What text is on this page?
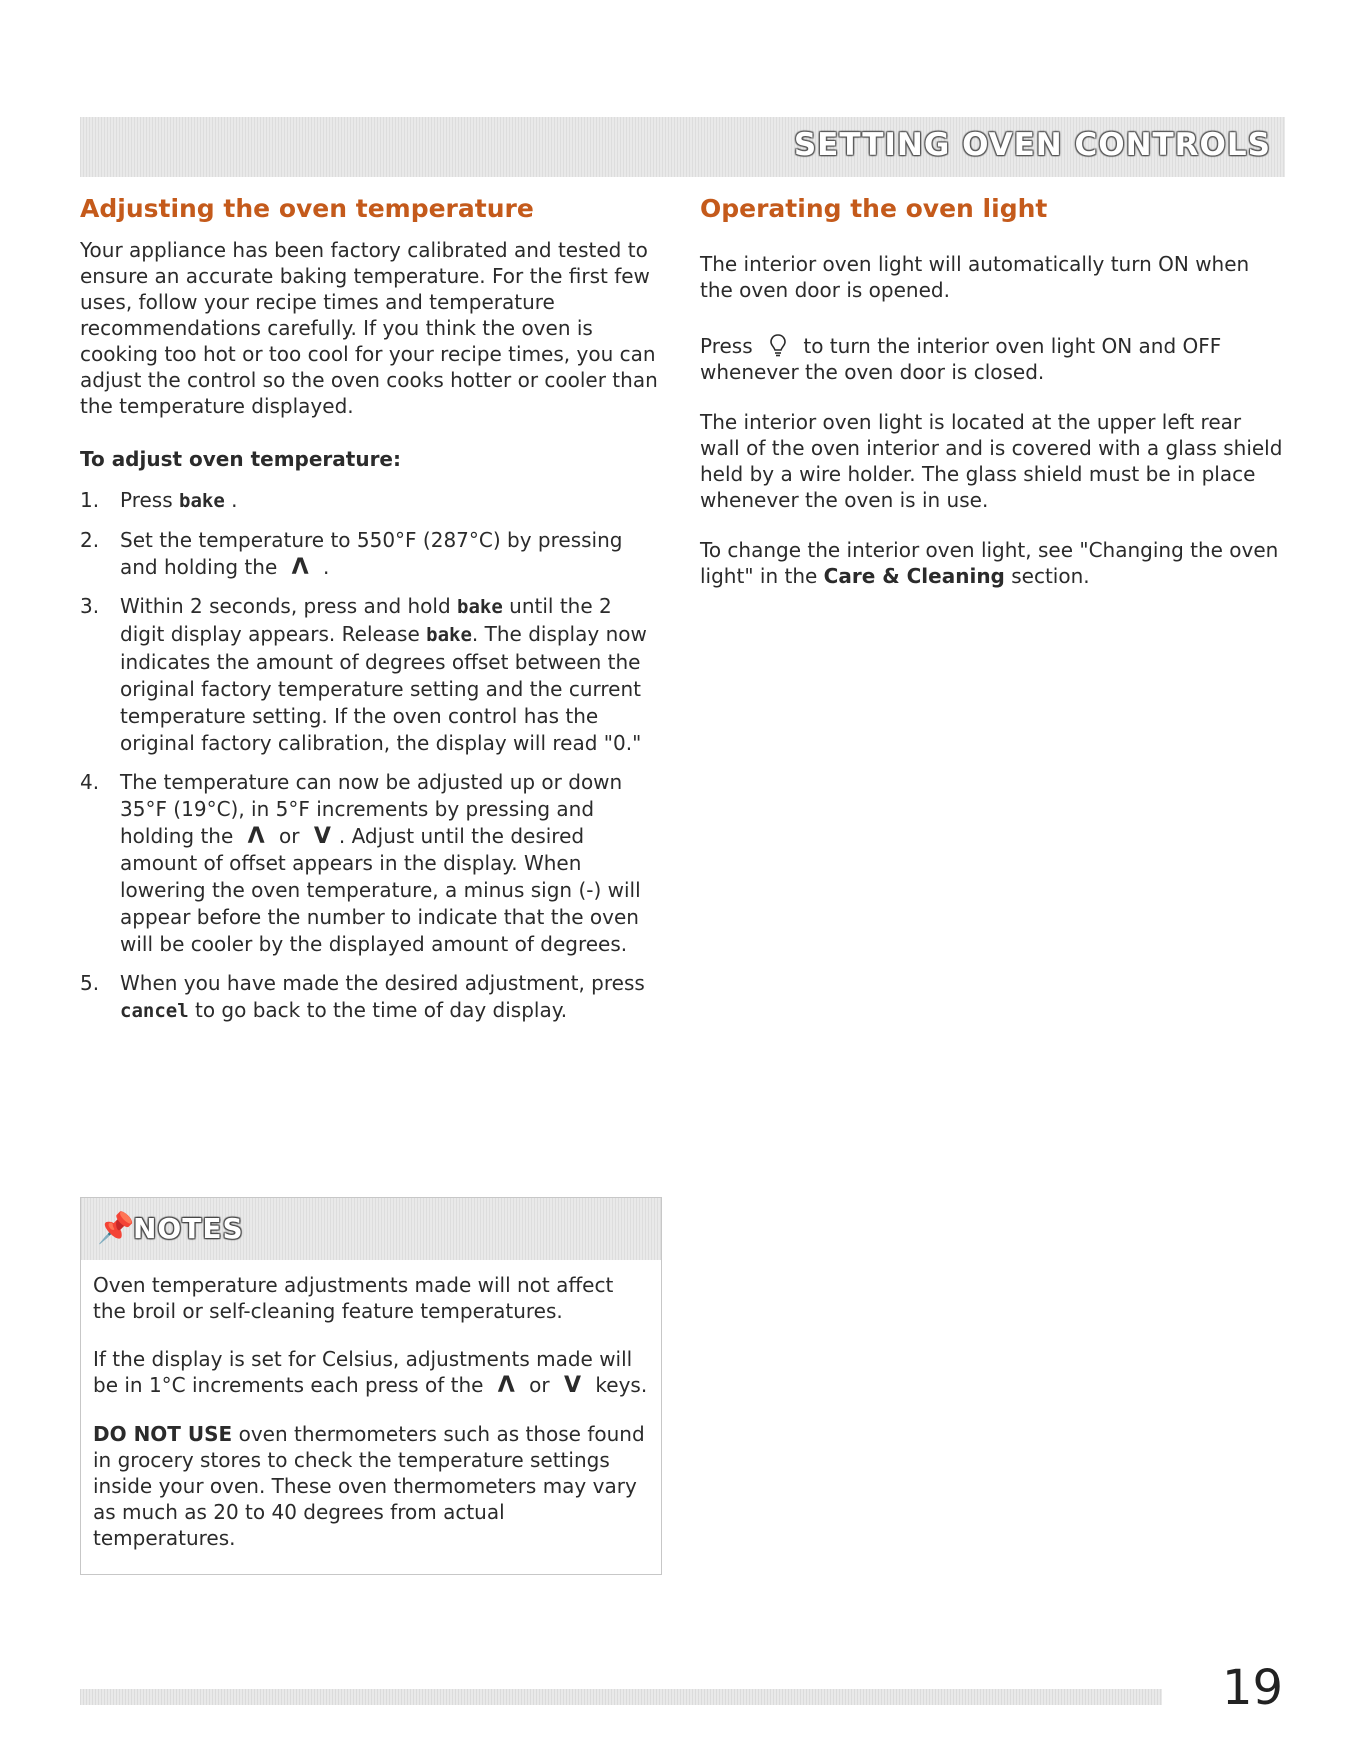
SETTING OVEN CONTROLS
Adjusting the oven temperature

Your appliance has been factory calibrated and tested to ensure an accurate baking temperature. For the first few uses, follow your recipe times and temperature recommendations carefully. If you think the oven is cooking too hot or too cool for your recipe times, you can adjust the control so the oven cooks hotter or cooler than the temperature displayed.

To adjust oven temperature:
1. Press bake .
2. Set the temperature to 550°F (287°C) by pressing and holding the Λ .
3. Within 2 seconds, press and hold bake until the 2 digit display appears. Release bake. The display now indicates the amount of degrees offset between the original factory temperature setting and the current temperature setting. If the oven control has the original factory calibration, the display will read "0."
4. The temperature can now be adjusted up or down 35°F (19°C), in 5°F increments by pressing and holding the Λ or V . Adjust until the desired amount of offset appears in the display. When lowering the oven temperature, a minus sign (-) will appear before the number to indicate that the oven will be cooler by the displayed amount of degrees.
5. When you have made the desired adjustment, press cancel to go back to the time of day display.
📌
NOTES

Oven temperature adjustments made will not affect the broil or self-cleaning feature temperatures.

If the display is set for Celsius, adjustments made will be in 1°C increments each press of the Λ or V keys.

DO NOT USE oven thermometers such as those found in grocery stores to check the temperature settings inside your oven. These oven thermometers may vary as much as 20 to 40 degrees from actual temperatures.

Operating the oven light

The interior oven light will automatically turn ON when the oven door is opened.

Press	to turn the interior oven light ON and OFF whenever the oven door is closed.

The interior oven light is located at the upper left rear wall of the oven interior and is covered with a glass shield held by a wire holder. The glass shield must be in place whenever the oven is in use.

To change the interior oven light, see "Changing the oven light" in the Care & Cleaning section.

19
